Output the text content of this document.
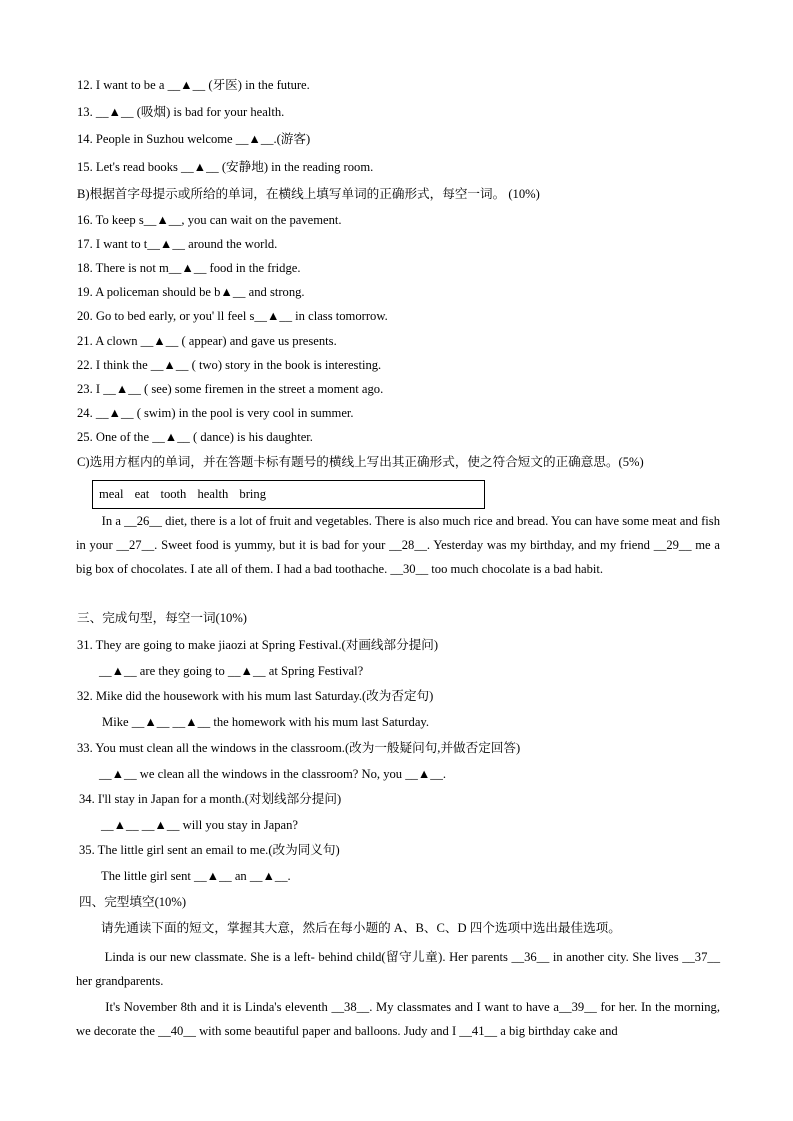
meal eat tooth health bring
12. I want to be a __▲__ (牙医) in the future.
13. __▲__ (吸烟) is bad for your health.
14. People in Suzhou welcome __▲__.(游客)
15. Let's read books __▲__ (安静地) in the reading room.
B)根据首字母提示或所给的单词，在横线上填写单词的正确形式，每空一词。 (10%)
16. To keep s__▲__, you can wait on the pavement.
17. I want to t__▲__ around the world.
18. There is not m__▲__ food in the fridge.
19. A policeman should be b▲__ and strong.
20. Go to bed early, or you' ll feel s__▲__ in class tomorrow.
21. A clown __▲__ ( appear) and gave us presents.
22. I think the __▲__ ( two) story in the book is interesting.
23. I __▲__ ( see) some firemen in the street a moment ago.
24. __▲__ ( swim) in the pool is very cool in summer.
25. One of the __▲__ ( dance) is his daughter.
C)选用方框内的单词，并在答题卡标有题号的横线上写出其正确形式，使之符合短文的正确意思。(5%)
三、完成句型，每空一词(10%)
31. They are going to make jiaozi at Spring Festival.(对画线部分提问)
__▲__ are they going to __▲__ at Spring Festival?
32. Mike did the housework with his mum last Saturday.(改为否定句)
Mike __▲__ __▲__ the homework with his mum last Saturday.
33. You must clean all the windows in the classroom.(改为一般疑问句,并做否定回答)
__▲__ we clean all the windows in the classroom? No, you __▲__.
34. I'll stay in Japan for a month.(对划线部分提问)
__▲__ __▲__ will you stay in Japan?
35. The little girl sent an email to me.(改为同义句)
The little girl sent __▲__ an __▲__.
四、完型填空(10%)
请先通读下面的短文，掌握其大意，然后在每小题的 A、B、C、D 四个选项中选出最佳选项。
In a __26__ diet, there is a lot of fruit and vegetables. There is also much rice and bread. You can have some meat and fish in your __27__. Sweet food is yummy, but it is bad for your __28__. Yesterday was my birthday, and my friend __29__ me a big box of chocolates. I ate all of them. I had a bad toothache. __30__ too much chocolate is a bad habit.
Linda is our new classmate. She is a left- behind child(留守儿童). Her parents __36__ in another city. She lives __37__ her grandparents.
It's November 8th and it is Linda's eleventh __38__. My classmates and I want to have a__39__ for her. In the morning, we decorate the __40__ with some beautiful paper and balloons. Judy and I __41__ a big birthday cake and
